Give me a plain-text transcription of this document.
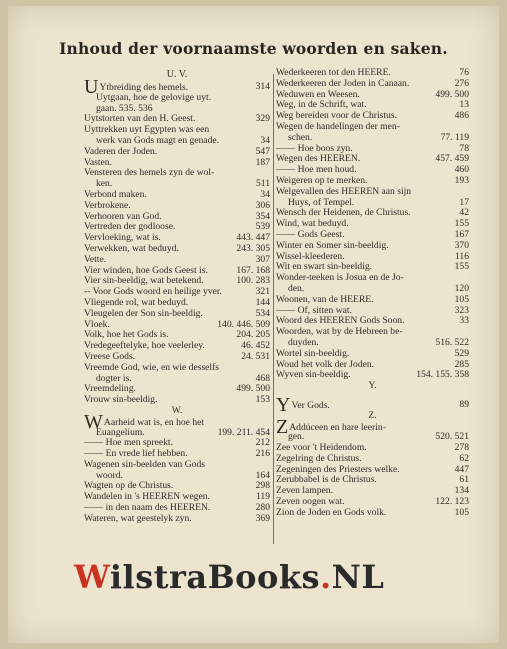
Inhoud der voornaamste woorden en saken.
U. V.
UYtbreiding des hemels.	314
Uytgaan, hoe de gelovige uyt.
gaan. 535. 536
Uytstorten van den H. Geest.	329
Uyttrekken uyt Egypten was een
werk van Gods magt en genade.	34
Vaderen der Joden.	547
Vasten.	187
Vensteren des hemels zyn de wol-
ken.	511
Verbond maken.	34
Verbrokene.	306
Verhooren van God.	354
Vertreden der godloose.	539
Vervloeking, wat is.	443. 447
Verwekken, wat beduyd.	243. 305
Vette.	307
Vier winden, hoe Gods Geest is.	167. 168
Vier sin-beeldig, wat betekend.	100. 283
-- Voor Gods woord en heilige yver.	321
Vliegende rol, wat beduyd.	144
Vleugelen der Son sin-beeldig.	534
Vloek.	140. 446. 509
Volk, hoe het Gods is.	204. 205
Vredegeeftelyke, hoe veelerley.	46. 452
Vreese Gods.	24. 531
Vreemde God, wie, en wie desselfs
dogter is.	468
Vreemdeling.	499. 500
Vrouw sin-beeldig.	153
W.
WAarheid wat is, en hoe het
Euangelium.	199. 211. 454
—— Hoe men spreekt.	212
—— En vrede lief hebben.	216
Wagenen sin-beelden van Gods
woord.	164
Wagten op de Christus.	298
Wandelen in 's HEEREN wegen.	119
—— in den naam des HEEREN.	280
Wateren, wat geestelyk zyn.	369
Wederkeeren tot den HEERE.	76
Wederkeeren der Joden in Canaan.	276
Weduwen en Weesen.	499. 500
Weg, in de Schrift, wat.	13
Weg bereiden voor de Christus.	486
Wegen de handelingen der men-
schen.	77. 119
—— Hoe boos zyn.	78
Wegen des HEEREN.	457. 459
—— Hoe men houd.	460
Weigeren op te merken.	193
Welgevallen des HEEREN aan sijn
Huys, of Tempel.	17
Wensch der Heidenen, de Christus.	42
Wind, wat beduyd.	155
—— Gods Geest.	167
Winter en Somer sin-beeldig.	370
Wissel-kleederen.	116
Wit en swart sin-beeldig.	155
Wonder-teeken is Josua en de Jo-
den.	120
Woonen, van de HEERE.	105
—— Of, sitten wat.	323
Woord des HEEREN Gods Soon.	33
Woorden, wat by de Hebreen be-
duyden.	516. 522
Wortel sin-beeldig.	529
Woud het volk der Joden.	285
Wyven sin-beeldig.	154. 155. 358
Y.
YVer Gods.	89
Z.
ZAddúceen en hare leerin-
gen.	520. 521
Zee voor 't Heidendom.	278
Zegelring de Christus.	62
Zegeningen des Priesters welke.	447
Zerubbabel is de Christus.	61
Zeven lampen.	134
Zeven oogen wat.	122. 123
Zion de Joden en Gods volk.	105
WilstraBooks.NL
